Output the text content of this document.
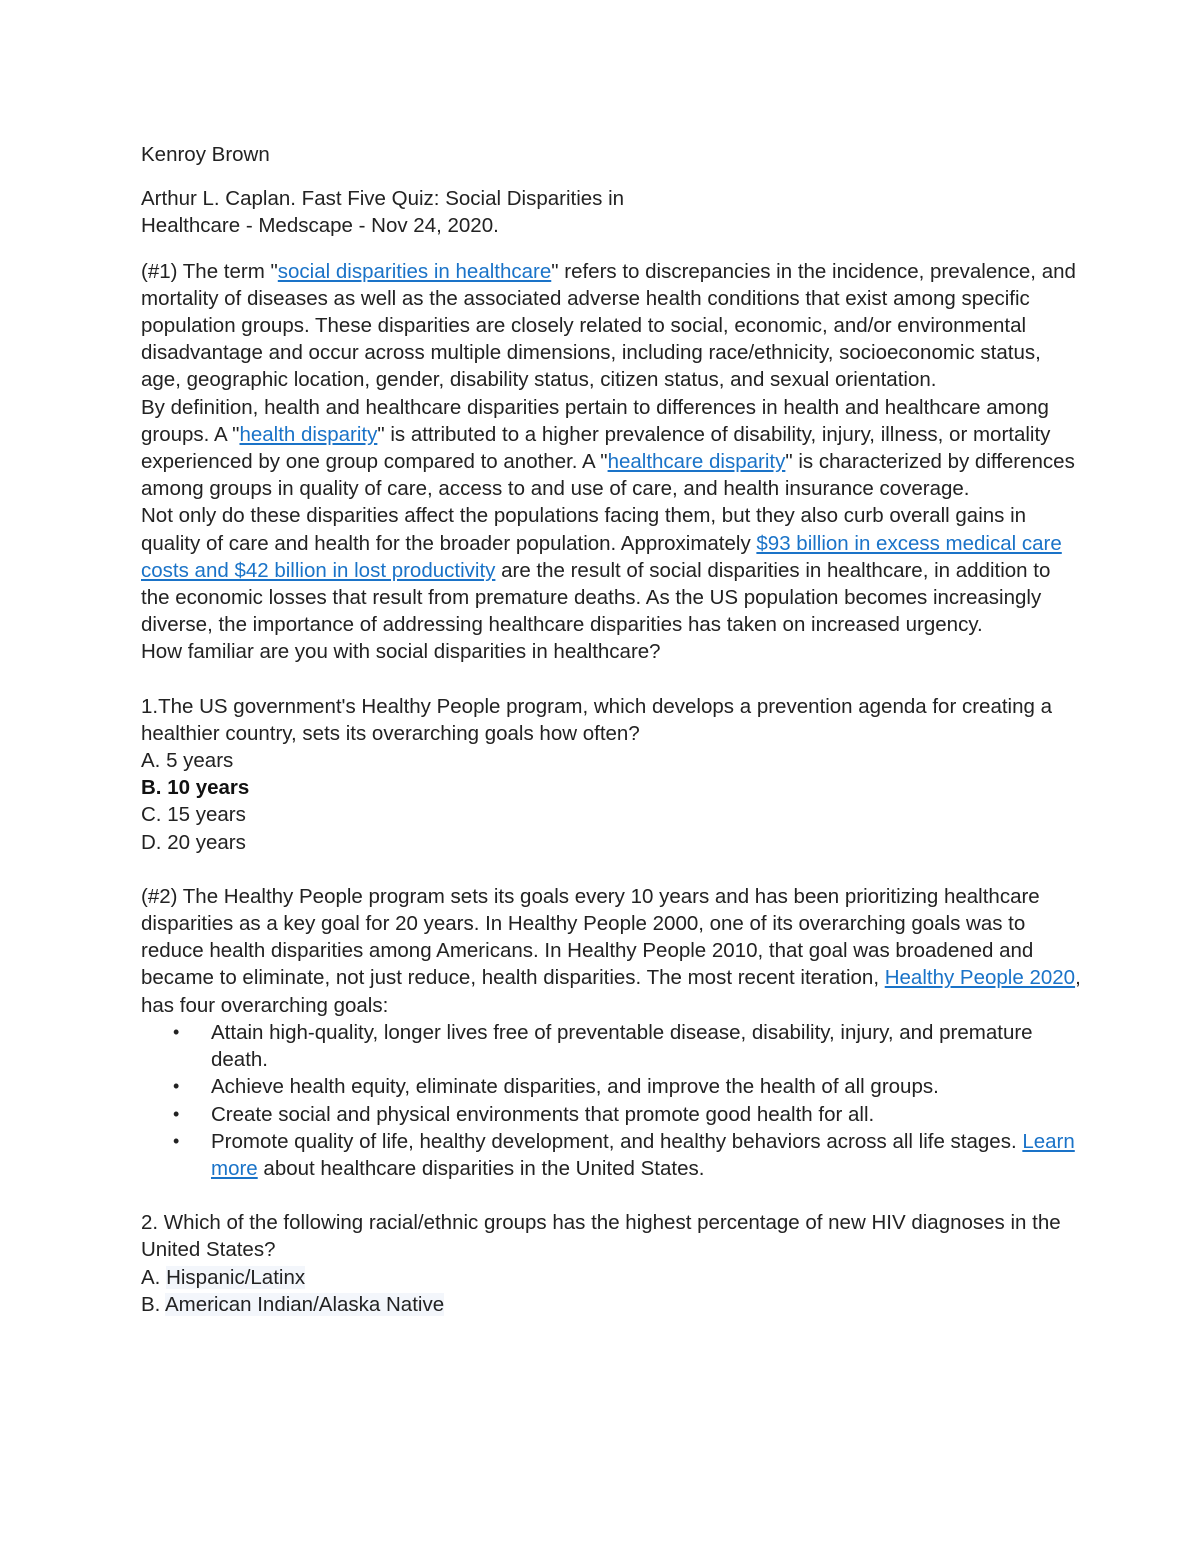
Kenroy Brown

Arthur L. Caplan. Fast Five Quiz: Social Disparities in
Healthcare - Medscape - Nov 24, 2020.

(#1) The term "social disparities in healthcare" refers to discrepancies in the incidence, prevalence, and mortality of diseases as well as the associated adverse health conditions that exist among specific population groups. These disparities are closely related to social, economic, and/or environmental disadvantage and occur across multiple dimensions, including race/ethnicity, socioeconomic status, age, geographic location, gender, disability status, citizen status, and sexual orientation.

By definition, health and healthcare disparities pertain to differences in health and healthcare among groups. A "health disparity" is attributed to a higher prevalence of disability, injury, illness, or mortality experienced by one group compared to another. A "healthcare disparity" is characterized by differences among groups in quality of care, access to and use of care, and health insurance coverage.

Not only do these disparities affect the populations facing them, but they also curb overall gains in quality of care and health for the broader population. Approximately $93 billion in excess medical care costs and $42 billion in lost productivity are the result of social disparities in healthcare, in addition to the economic losses that result from premature deaths. As the US population becomes increasingly diverse, the importance of addressing healthcare disparities has taken on increased urgency.

How familiar are you with social disparities in healthcare?

1.The US government's Healthy People program, which develops a prevention agenda for creating a healthier country, sets its overarching goals how often?

A. 5 years

B. 10 years

C. 15 years

D. 20 years

(#2) The Healthy People program sets its goals every 10 years and has been prioritizing healthcare disparities as a key goal for 20 years. In Healthy People 2000, one of its overarching goals was to reduce health disparities among Americans. In Healthy People 2010, that goal was broadened and became to eliminate, not just reduce, health disparities. The most recent iteration, Healthy People 2020, has four overarching goals:

• Attain high-quality, longer lives free of preventable disease, disability, injury, and premature death.
• Achieve health equity, eliminate disparities, and improve the health of all groups.
• Create social and physical environments that promote good health for all.
• Promote quality of life, healthy development, and healthy behaviors across all life stages. Learn more about healthcare disparities in the United States.

2. Which of the following racial/ethnic groups has the highest percentage of new HIV diagnoses in the United States?

A. Hispanic/Latinx

B. American Indian/Alaska Native
